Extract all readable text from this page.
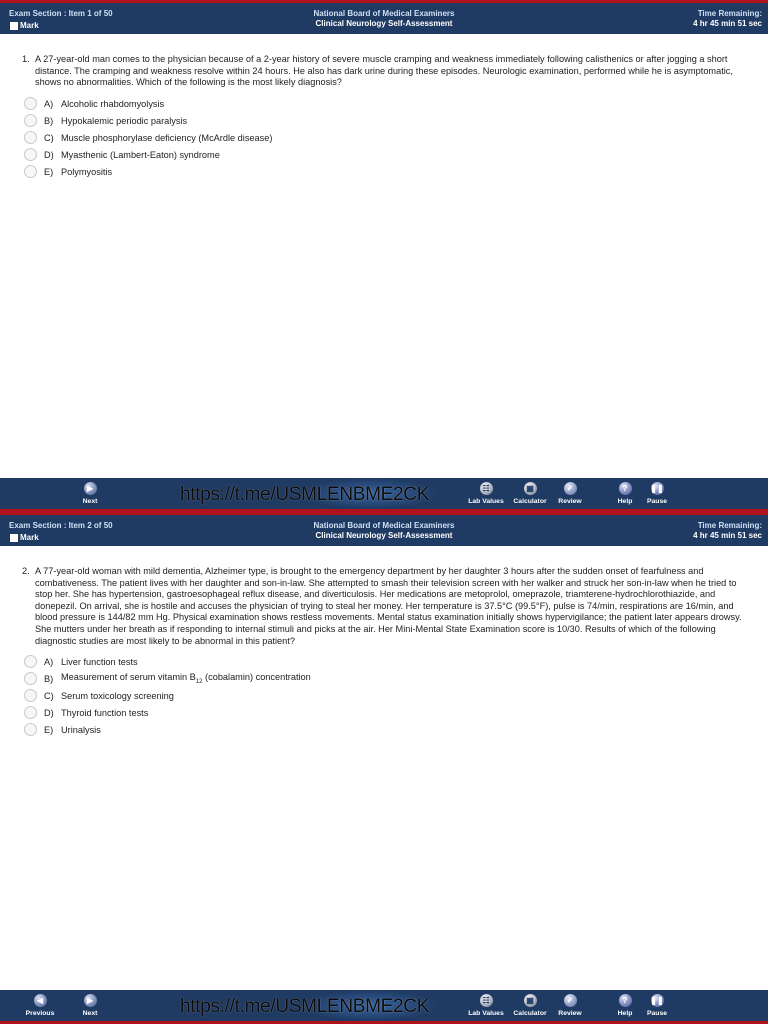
Exam Section : Item 1 of 50
Mark
National Board of Medical Examiners
Clinical Neurology Self-Assessment
Time Remaining:
4 hr 45 min 51 sec
1. A 27-year-old man comes to the physician because of a 2-year history of severe muscle cramping and weakness immediately following calisthenics or after jogging a short distance. The cramping and weakness resolve within 24 hours. He also has dark urine during these episodes. Neurologic examination, performed while he is asymptomatic, shows no abnormalities. Which of the following is the most likely diagnosis?
A) Alcoholic rhabdomyolysis
B) Hypokalemic periodic paralysis
C) Muscle phosphorylase deficiency (McArdle disease)
D) Myasthenic (Lambert-Eaton) syndrome
E) Polymyositis
▶
Next	https://t.me/USMLENBME2CK	☷
Lab Values
▦
Calculator
✓
Review
?
Help
❚❚
Pause
Exam Section : Item 2 of 50
Mark
National Board of Medical Examiners
Clinical Neurology Self-Assessment
Time Remaining:
4 hr 45 min 51 sec
2. A 77-year-old woman with mild dementia, Alzheimer type, is brought to the emergency department by her daughter 3 hours after the sudden onset of fearfulness and combativeness. The patient lives with her daughter and son-in-law. She attempted to smash their television screen with her walker and struck her son-in-law when he tried to stop her. She has hypertension, gastroesophageal reflux disease, and diverticulosis. Her medications are metoprolol, omeprazole, triamterene-hydrochlorothiazide, and donepezil. On arrival, she is hostile and accuses the physician of trying to steal her money. Her temperature is 37.5°C (99.5°F), pulse is 74/min, respirations are 16/min, and blood pressure is 144/82 mm Hg. Physical examination shows restless movements. Mental status examination initially shows hypervigilance; the patient later appears drowsy. She mutters under her breath as if responding to internal stimuli and picks at the air. Her Mini-Mental State Examination score is 10/30. Results of which of the following diagnostic studies are most likely to be abnormal in this patient?
A) Liver function tests
B) Measurement of serum vitamin $B_{12}$ (cobalamin) concentration
C) Serum toxicology screening
D) Thyroid function tests
E) Urinalysis
◀
Previous
▶
Next	https://t.me/USMLENBME2CK	☷
Lab Values
▦
Calculator
✓
Review
?
Help
❚❚
Pause
